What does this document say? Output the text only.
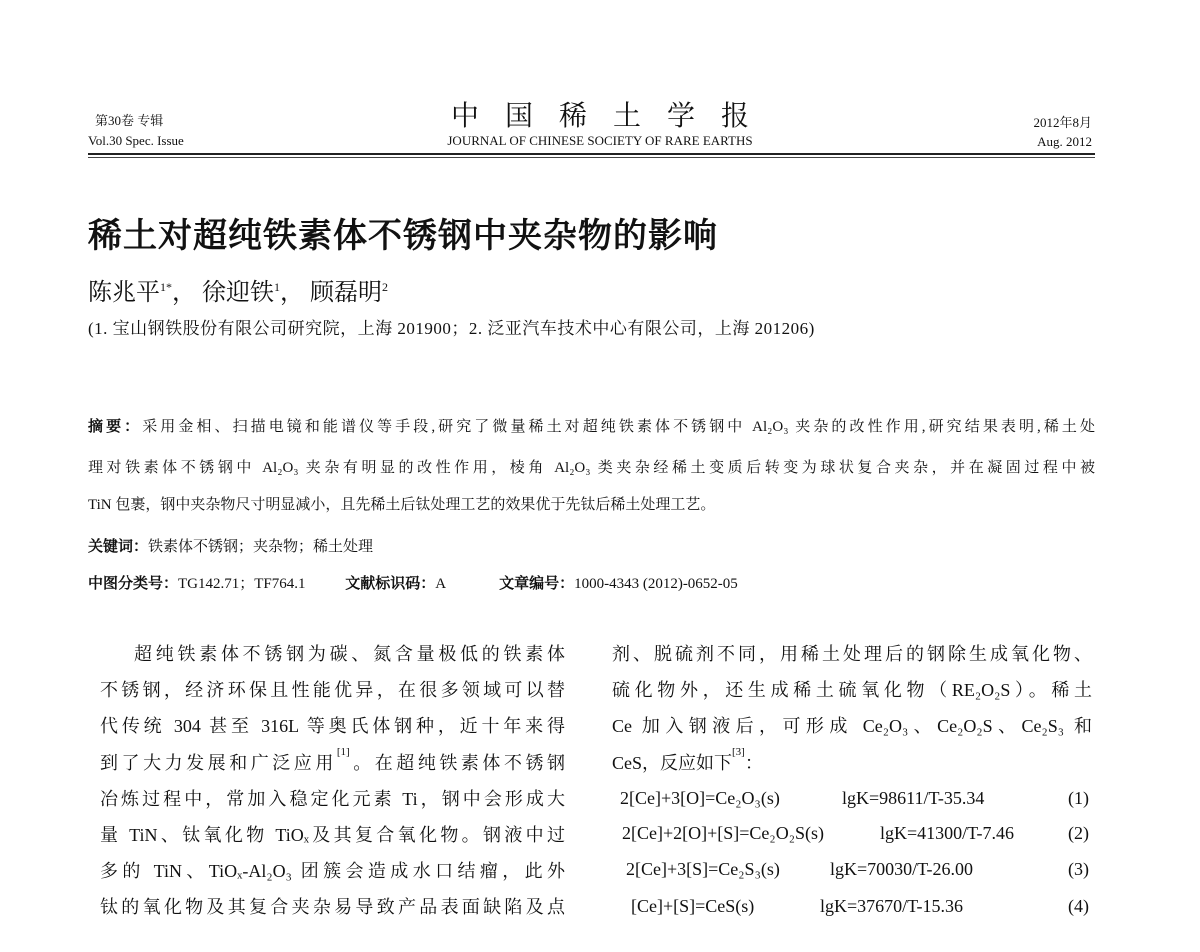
第30卷 专辑
Vol.30 Spec. Issue
中国稀土学报
JOURNAL OF CHINESE SOCIETY OF RARE EARTHS
2012年8月
Aug. 2012
稀土对超纯铁素体不锈钢中夹杂物的影响
陈兆平$^{1*}$， 徐迎铁$^1$， 顾磊明$^2$
(1. 宝山钢铁股份有限公司研究院，上海 201900；2. 泛亚汽车技术中心有限公司，上海 201206)
摘要：采用金相、扫描电镜和能谱仪等手段,研究了微量稀土对超纯铁素体不锈钢中 Al₂O₃ 夹杂的改性作用,研究结果表明,稀土处
理对铁素体不锈钢中 Al₂O₃ 夹杂有明显的改性作用，棱角 Al₂O₃ 类夹杂经稀土变质后转变为球状复合夹杂，并在凝固过程中被
TiN 包裹，钢中夹杂物尺寸明显减小，且先稀土后钛处理工艺的效果优于先钛后稀土处理工艺。
关键词：铁素体不锈钢；夹杂物；稀土处理
中图分类号：TG142.71；TF764.1	文献标识码：A	文章编号：1000-4343 (2012)-0652-05
超纯铁素体不锈钢为碳、氮含量极低的铁素体
不锈钢，经济环保且性能优异，在很多领域可以替
代传统 304 甚至 316L 等奥氏体钢种，近十年来得
到了大力发展和广泛应用[1]。在超纯铁素体不锈钢
冶炼过程中，常加入稳定化元素 Ti，钢中会形成大
量 TiN、钛氧化物 TiOₓ及其复合氧化物。钢液中过
多的 TiN、TiOₓ-Al₂O₃ 团簇会造成水口结瘤，此外
钛的氧化物及其复合夹杂易导致产品表面缺陷及点
剂、脱硫剂不同，用稀土处理后的钢除生成氧化物、
硫化物外，还生成稀土硫氧化物（RE₂O₂S）。稀土
Ce 加入钢液后，可形成 Ce₂O₃、Ce₂O₂S、Ce₂S₃ 和
CeS，反应如下[3]：
2[Ce]+3[O]=Ce₂O₃(s)	lgK=98611/T-35.34	(1)
2[Ce]+2[O]+[S]=Ce₂O₂S(s)	lgK=41300/T-7.46	(2)
2[Ce]+3[S]=Ce₂S₃(s)	lgK=70030/T-26.00	(3)
[Ce]+[S]=CeS(s)	lgK=37670/T-15.36	(4)
